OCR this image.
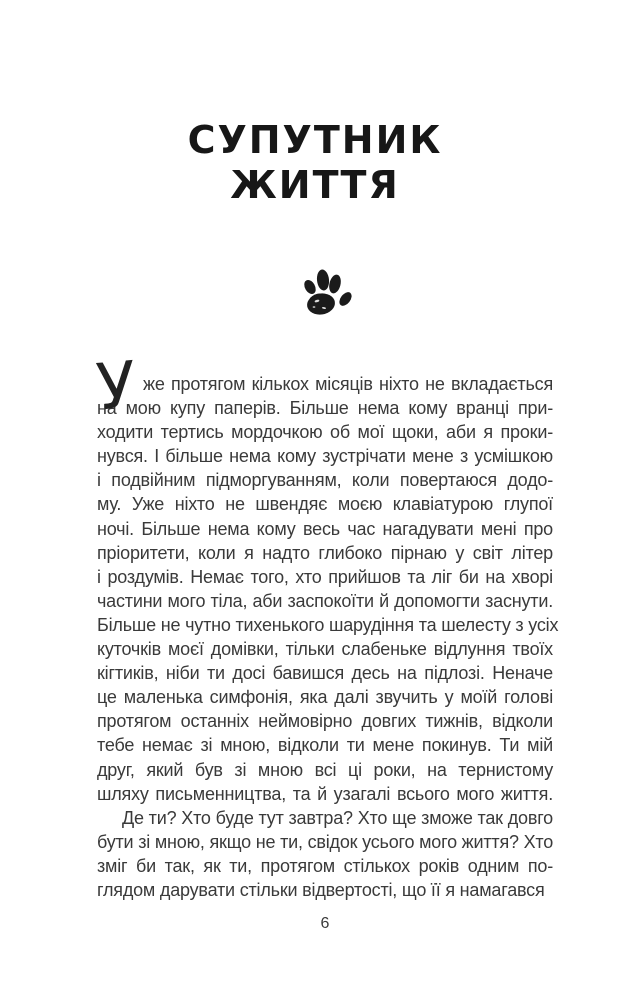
СУПУТНИК
ЖИТТЯ
У же протягом кількох місяців ніхто не вкладається
на мою купу паперів. Більше нема кому вранці при-
ходити тертись мордочкою об мої щоки, аби я проки-
нувся. І більше нема кому зустрічати мене з усмішкою
і подвійним підморгуванням, коли повертаюся додо-
му. Уже ніхто не швендяє моєю клавіатурою глупої
ночі. Більше нема кому весь час нагадувати мені про
пріоритети, коли я надто глибоко пірнаю у світ літер
і роздумів. Немає того, хто прийшов та ліг би на хворі
частини мого тіла, аби заспокоїти й допомогти заснути.
Більше не чутно тихенького шарудіння та шелесту з усіх
куточків моєї домівки, тільки слабеньке відлуння твоїх
кігтиків, ніби ти досі бавишся десь на підлозі. Неначе
це маленька симфонія, яка далі звучить у моїй голові
протягом останніх неймовірно довгих тижнів, відколи
тебе немає зі мною, відколи ти мене покинув. Ти мій
друг, який був зі мною всі ці роки, на тернистому
шляху письменництва, та й узагалі всього мого життя.
Де ти? Хто буде тут завтра? Хто ще зможе так довго
бути зі мною, якщо не ти, свідок усього мого життя? Хто
зміг би так, як ти, протягом стількох років одним по-
глядом дарувати стільки відвертості, що її я намагався
6
